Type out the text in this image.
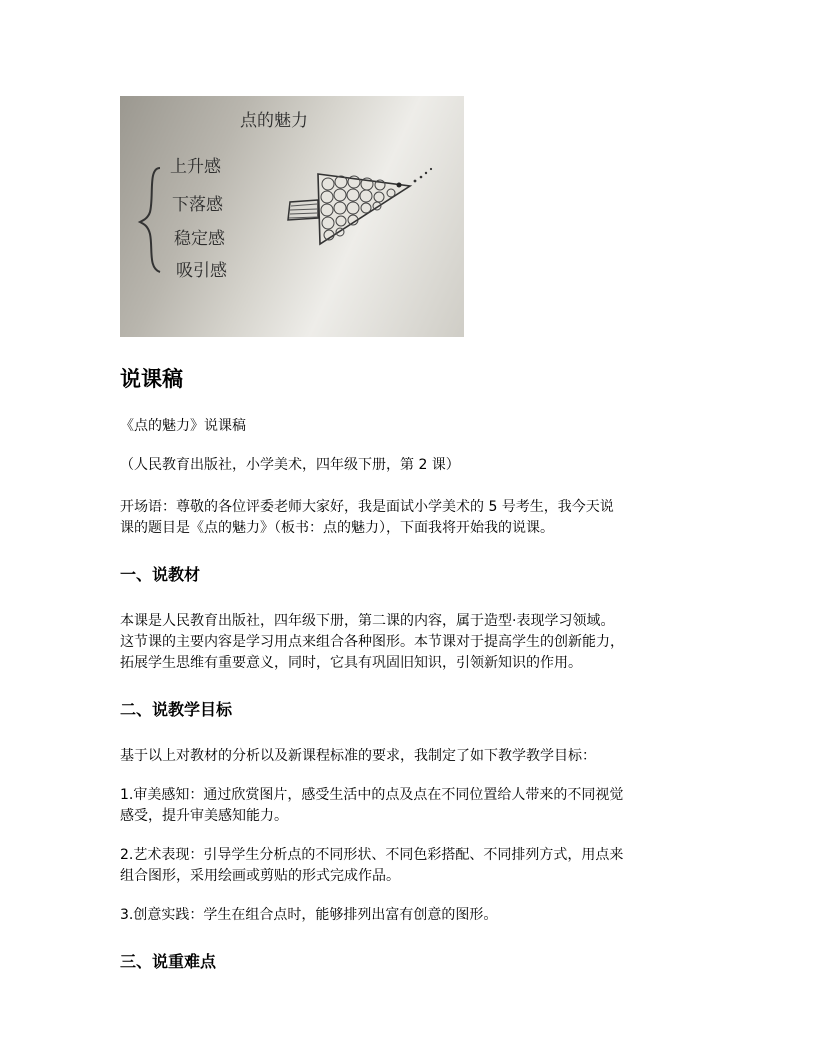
点的魅力
上升感
下落感
稳定感
吸引感
说课稿

《点的魅力》说课稿

（人民教育出版社，小学美术，四年级下册，第 2 课）

开场语：尊敬的各位评委老师大家好，我是面试小学美术的 5 号考生，我今天说

课的题目是《点的魅力》（板书：点的魅力），下面我将开始我的说课。

一、说教材

本课是人民教育出版社，四年级下册，第二课的内容，属于造型·表现学习领域。

这节课的主要内容是学习用点来组合各种图形。本节课对于提高学生的创新能力，

拓展学生思维有重要意义，同时，它具有巩固旧知识，引领新知识的作用。

二、说教学目标

基于以上对教材的分析以及新课程标准的要求，我制定了如下教学教学目标：

1.审美感知：通过欣赏图片，感受生活中的点及点在不同位置给人带来的不同视觉

感受，提升审美感知能力。

2.艺术表现：引导学生分析点的不同形状、不同色彩搭配、不同排列方式，用点来

组合图形，采用绘画或剪贴的形式完成作品。

3.创意实践：学生在组合点时，能够排列出富有创意的图形。

三、说重难点
